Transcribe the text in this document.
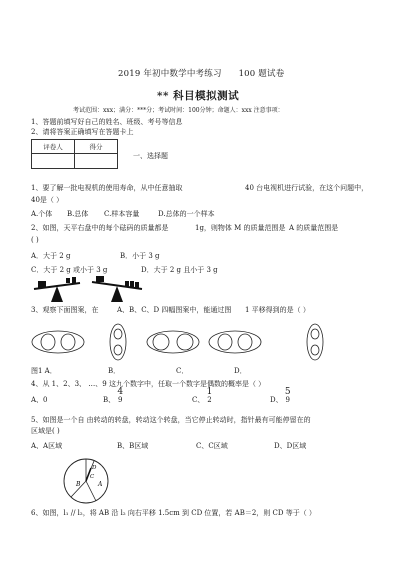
2019 年初中数学中考练习 100 题试卷
** 科目模拟测试
考试范围：xxx；满分：***分；考试时间：100分钟；命题人：xxx 注意事项：
1、答题前填写好自己的姓名、班级、考号等信息
2、请将答案正确填写在答题卡上
评卷人	得分

一、选择题
1、要了解一批电视机的使用寿命，从中任意抽取	40 台电视机进行试验，在这个问题中，
40是（ ）
A.个体 B.总体 C.样本容量	D.总体的一个样本
2、如图，天平右盘中的每个砝码的质量都是	1g，则物体 M 的质量范围是 A 的质量范围是
( )
A．大于 2 g	B．小于 3 g
C．大于 2 g 或小于 3 g	D．大于 2 g 且小于 3 g
3、观察下面图案，在	A、B、C、D 四幅图案中，能通过图 1 平移得到的是（ ）
图1 A．	B．	C．	D．
4、从 1、2、3、 …、9 这九个数字中，任取一个数字是偶数的概率是（ ）
A、0	B、 4
9	C、 1
2	D、 5
9
5、如图是一个自 由转动的转盘，转动这个转盘，当它停止转动时，指针最有可能停留在的
区域是( )
A、A区域	B、B区域	C、C区域	D、D区域
B	A
D
C
6、如图，l₁ // l₂，将 AB 沿 l₂ 向右平移 1.5cm 到 CD 位置，若 AB＝2，则 CD 等于（ ）
